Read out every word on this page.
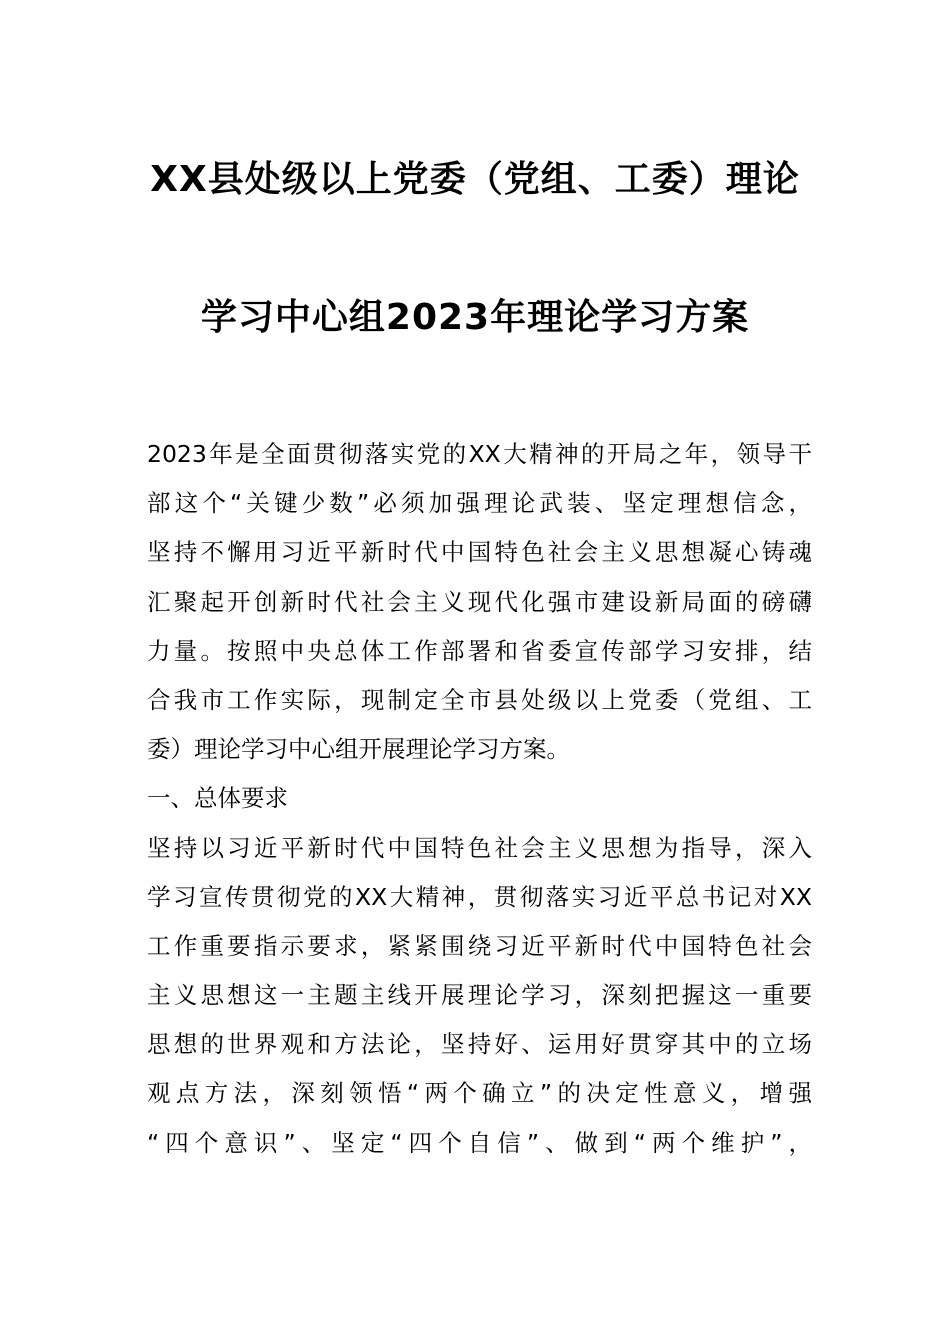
XX县处级以上党委（党组、工委）理论
学习中心组2023年理论学习方案
2023年是全面贯彻落实党的XX大精神的开局之年，领导干
部这个“关键少数”必须加强理论武装、坚定理想信念，
坚持不懈用习近平新时代中国特色社会主义思想凝心铸魂
汇聚起开创新时代社会主义现代化强市建设新局面的磅礴
力量。按照中央总体工作部署和省委宣传部学习安排，结
合我市工作实际，现制定全市县处级以上党委（党组、工
委）理论学习中心组开展理论学习方案。
一、总体要求
坚持以习近平新时代中国特色社会主义思想为指导，深入
学习宣传贯彻党的XX大精神，贯彻落实习近平总书记对XX
工作重要指示要求，紧紧围绕习近平新时代中国特色社会
主义思想这一主题主线开展理论学习，深刻把握这一重要
思想的世界观和方法论，坚持好、运用好贯穿其中的立场
观点方法，深刻领悟“两个确立”的决定性意义，增强
“四个意识”、坚定“四个自信”、做到“两个维护”，
